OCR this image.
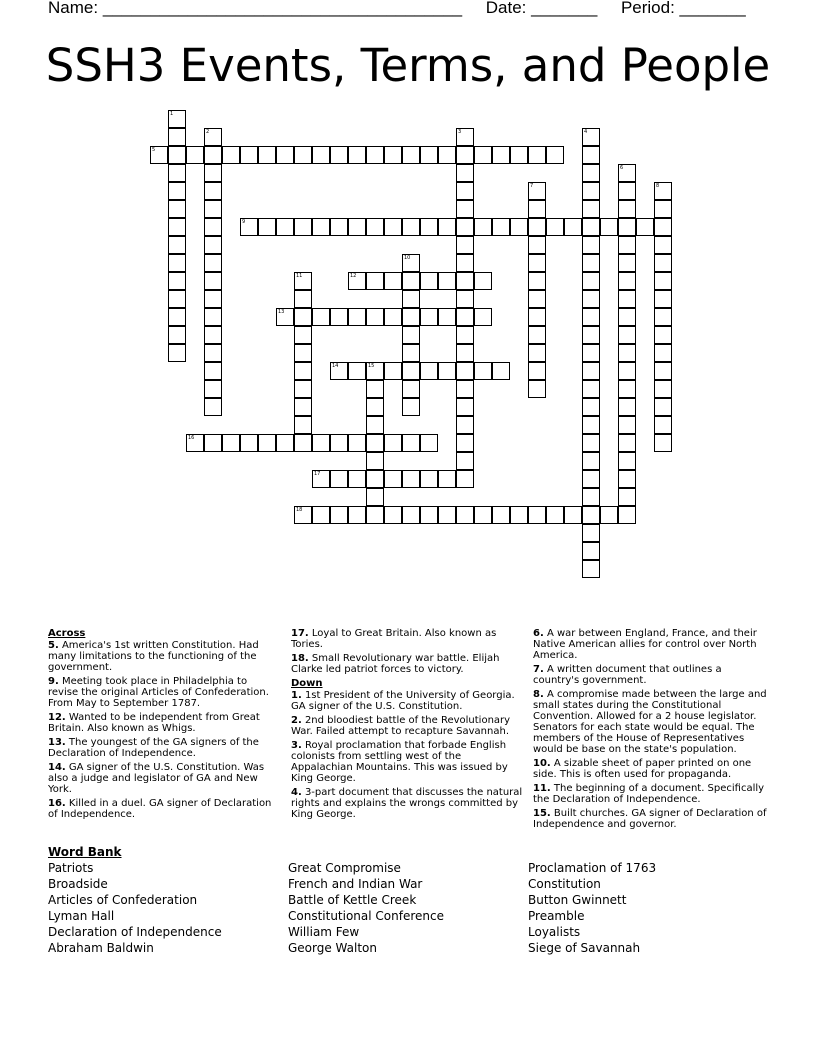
Name: ______________________________________ Date: _______ Period: _______
SSH3 Events, Terms, and People
1
2	3	4
5
6
7	8
9
10
11	12
13
14	15
16
17
18
Across
5. America's 1st written Constitution. Had many limitations to the functioning of the government.
9. Meeting took place in Philadelphia to revise the original Articles of Confederation. From May to September 1787.
12. Wanted to be independent from Great Britain. Also known as Whigs.
13. The youngest of the GA signers of the Declaration of Independence.
14. GA signer of the U.S. Constitution. Was also a judge and legislator of GA and New York.
16. Killed in a duel. GA signer of Declaration of Independence.
17. Loyal to Great Britain. Also known as Tories.
18. Small Revolutionary war battle. Elijah Clarke led patriot forces to victory.
Down
1. 1st President of the University of Georgia. GA signer of the U.S. Constitution.
2. 2nd bloodiest battle of the Revolutionary War. Failed attempt to recapture Savannah.
3. Royal proclamation that forbade English colonists from settling west of the Appalachian Mountains. This was issued by King George.
4. 3-part document that discusses the natural rights and explains the wrongs committed by King George.
6. A war between England, France, and their Native American allies for control over North America.
7. A written document that outlines a country's government.
8. A compromise made between the large and small states during the Constitutional Convention. Allowed for a 2 house legislator. Senators for each state would be equal. The members of the House of Representatives would be base on the state's population.
10. A sizable sheet of paper printed on one side. This is often used for propaganda.
11. The beginning of a document. Specifically the Declaration of Independence.
15. Built churches. GA signer of Declaration of Independence and governor.
Word Bank
Patriots
Broadside
Articles of Confederation
Lyman Hall
Declaration of Independence
Abraham Baldwin
Great Compromise
French and Indian War
Battle of Kettle Creek
Constitutional Conference
William Few
George Walton
Proclamation of 1763
Constitution
Button Gwinnett
Preamble
Loyalists
Siege of Savannah
